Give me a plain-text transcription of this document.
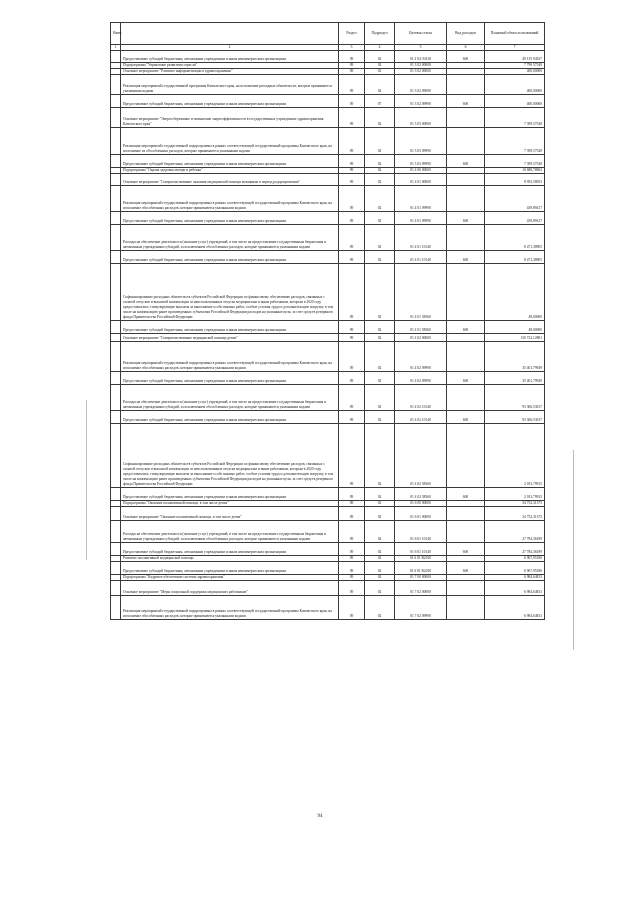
Наим		Раздел	Подраздел	Целевая статья	Вид расходов	Плановый объем ассигнований
1	2	3	4	5	6	7
	Предоставление субсидий бюджетным, автономным учреждениям и иным некоммерческим организациям	09	02	01 2 04 Э4130	600	40 135 94337
	Подпрограмма "Управление развитием отрасли"	09	02	01 3 02 00000		7 799 57548
	Основное мероприятие "Развитие информатизации в здравоохранении"	09	02	01 3 02 00000		400,00000
	Реализация мероприятий государственной программы Камчатского края, на исполнение расходных обязательств, которые принимаются указанными кодами	09	02	01 3 02 09690		400,00000
	Предоставление субсидий бюджетным, автономным учреждениям и иным некоммерческим организациям	09	07	01 3 02 09990	600	400,00000
	Основное мероприятие "Энергосбережение и повышение энергоэффективности в государственных учреждениях здравоохранения Камчатского края"	09	02	01 3 03 00000		7 399,57548
	Реализация мероприятий государственной подпрограммы в рамках соответствующей государственной программы Камчатского края, на исполнение из обособленных расходов, которые принимаются указанными кодами	09	02	01 3 03 09990		7 399,57548
	Предоставление субсидий бюджетным, автономным учреждениям и иным некоммерческим организациям	09	02	01 3 03 09990	600	7 399,57548
	Подпрограмма "Охрана здоровья матери и ребенка"	09	02	01 4 00 00000		10 688,78063
	Основное мероприятие "Совершенствование оказания медицинской помощи женщинам в период родоразрешения"	09	02	01 4 01 00000		8 953,58053
	Реализация мероприятий государственной подпрограммы в рамках соответствующей государственной программы Камчатского края, на исполнение обособленных расходов, которые принимаются указанными кодами	09	02	01 4 01 09990		439,89417
	Предоставление субсидий бюджетным, автономным учреждениям и иным некоммерческим организациям	09	02	01 4 01 09990	600	439,89417
	Расходы на обеспечение деятельности (оказание услуг) учреждений, в том числе на предоставление государственным бюджетным и автономным учреждениям субсидий, за исключением обособленных расходов, которые принимаются указанными кодами	09	02	01 4 01 10140		8 471,38905
	Предоставление субсидий бюджетным, автономным учреждениям и иным некоммерческим организациям	09	02	01 4 01 10140	600	8 471,38905
	Софинансирование расходных обязательств субъектов Российской Федерации по финансовому обеспечению расходов, связанных с оплатой отпусков и выплатой компенсации за неиспользованные отпуска медицинским и иным работникам, которым в 2020 году предоставлялись стимулирующие выплаты за выполнение особо важных работ, особые условия труда и дополнительную нагрузку, в том числе на компенсацию ранее произведенных субъектами Российской Федерации расходов на указанные цели, за счет средств резервного фонда Правительства Российской Федерации	09	02	01 4 01 58360		48,00000
	Предоставление субсидий бюджетным, автономным учреждениям и иным некоммерческим организациям	09	02	01 4 01 58360	600	48,00000
	Основное мероприятие "Совершенствование медицинской помощи детям"	09	02	01 4 02 00000		130 722,12881
	Реализация мероприятий государственной подпрограммы в рамках соответствующей государственной программы Камчатского края, на исполнение обособленных расходов, которые принимаются указанными кодами	09	02	01 4 02 09990		35 401,79949
	Предоставление субсидий бюджетным, автономным учреждениям и иным некоммерческим организациям	09	02	01 4 02 09990	600	35 401,79949
	Расходы на обеспечение деятельности (оказание услуг) учреждений, в том числе на предоставление государственным бюджетным и автономным учреждениям субсидий, за исключением обособленных расходов, которые принимаются указанными кодами	09	02	01 4 02 10140		93 306,53017
	Предоставление субсидий бюджетным, автономным учреждениям и иным некоммерческим организациям	09	02	01 4 02 10140	600	93 306,53017
	Софинансирование расходных обязательств субъектов Российской Федерации по финансовому обеспечению расходов, связанных с оплатой отпусков и выплатой компенсации за неиспользованные отпуска медицинским и иным работникам, которым в 2020 году предоставлялись стимулирующие выплаты за выполнение особо важных работ, особые условия труда и дополнительную нагрузку, в том числе на компенсацию ранее произведенных субъектами Российской Федерации расходов на указанные цели, за счет средств резервного фонда Правительства Российской Федерации	09	02	01 4 02 58360		2 013,79915
	Предоставление субсидий бюджетным, автономным учреждениям и иным некоммерческим организациям	09	02	01 4 02 58360	600	2 013,79915
	Подпрограмма "Оказание паллиативной помощи, в том числе детям"	09	02	01 6 00 00000		34 752,31375
	Основное мероприятие "Оказание паллиативной помощи, в том числе детям"	09	02	01 6 01 00000		34 752,31375
	Расходы на обеспечение деятельности (оказание услуг) учреждений, в том числе на предоставление государственным бюджетным и автономным учреждениям субсидий, за исключением обособленных расходов, которые принимаются указанными кодами	09	02	01 6 01 10140		27 784,36189
	Предоставление субсидий бюджетным, автономным учреждениям и иным некоммерческим организациям	09	02	01 6 01 10140	600	27 784,36189
	Развитие паллиативной медицинской помощи	09	02	01 6 01 R2010		6 967,95186
	Предоставление субсидий бюджетным, автономным учреждениям и иным некоммерческим организациям	09	02	01 6 01 R2010	600	6 967,95186
	Подпрограмма "Кадровое обеспечение системы здравоохранения"	09	02	01 7 00 00000		6 984,64813
	Основное мероприятие "Меры социальной поддержки медицинских работников"	09	02	01 7 02 00000		6 984,64813
	Реализация мероприятий государственной подпрограммы в рамках соответствующей государственной программы Камчатского края, на исполнение обособленных расходов, которые принимаются указанными кодами	09	02	01 7 02 09990		6 984,64813
94
